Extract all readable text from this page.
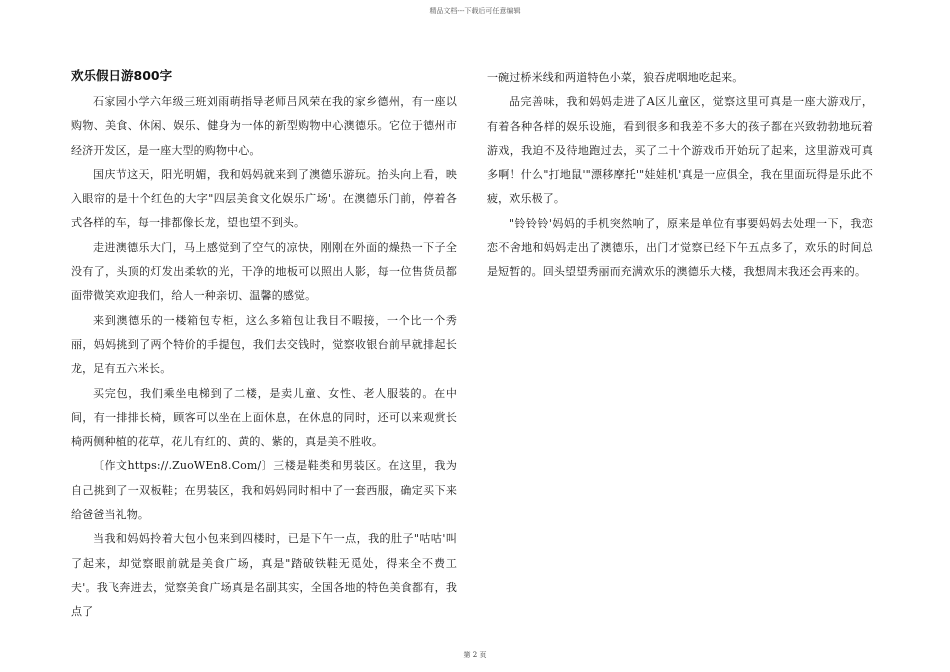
精品文档---下载后可任意编辑
欢乐假日游800字

石家园小学六年级三班刘雨萌指导老师吕风荣在我的家乡德州，有一座以购物、美食、休闲、娱乐、健身为一体的新型购物中心澳德乐。它位于德州市经济开发区，是一座大型的购物中心。

国庆节这天，阳光明媚，我和妈妈就来到了澳德乐游玩。抬头向上看，映入眼帘的是十个红色的大字"四层美食文化娱乐广场'。在澳德乐门前，停着各式各样的车，每一排都像长龙，望也望不到头。

走进澳德乐大门，马上感觉到了空气的凉快，刚刚在外面的燥热一下子全没有了，头顶的灯发出柔软的光，干净的地板可以照出人影，每一位售货员都面带微笑欢迎我们，给人一种亲切、温馨的感觉。

来到澳德乐的一楼箱包专柜，这么多箱包让我目不暇接，一个比一个秀丽，妈妈挑到了两个特价的手提包，我们去交钱时，觉察收银台前早就排起长龙，足有五六米长。

买完包，我们乘坐电梯到了二楼，是卖儿童、女性、老人服装的。在中间，有一排排长椅，顾客可以坐在上面休息，在休息的同时，还可以来观赏长椅两侧种植的花草，花儿有红的、黄的、紫的，真是美不胜收。

〔作文https://.ZuoWEn8.Com/〕三楼是鞋类和男装区。在这里，我为自己挑到了一双板鞋；在男装区，我和妈妈同时相中了一套西服，确定买下来给爸爸当礼物。

当我和妈妈拎着大包小包来到四楼时，已是下午一点，我的肚子"咕咕'叫了起来，却觉察眼前就是美食广场，真是"踏破铁鞋无觅处，得来全不费工夫'。我飞奔进去，觉察美食广场真是名副其实，全国各地的特色美食都有，我点了

一碗过桥米线和两道特色小菜，狼吞虎咽地吃起来。

品完善味，我和妈妈走进了A区儿童区，觉察这里可真是一座大游戏厅，有着各种各样的娱乐设施，看到很多和我差不多大的孩子都在兴致勃勃地玩着游戏，我迫不及待地跑过去，买了二十个游戏币开始玩了起来，这里游戏可真多啊！什么"打地鼠'"漂移摩托'"娃娃机'真是一应俱全，我在里面玩得是乐此不疲，欢乐极了。

"铃铃铃'妈妈的手机突然响了，原来是单位有事要妈妈去处理一下，我恋恋不舍地和妈妈走出了澳德乐，出门才觉察已经下午五点多了，欢乐的时间总是短暂的。回头望望秀丽而充满欢乐的澳德乐大楼，我想周末我还会再来的。

第 2 页
